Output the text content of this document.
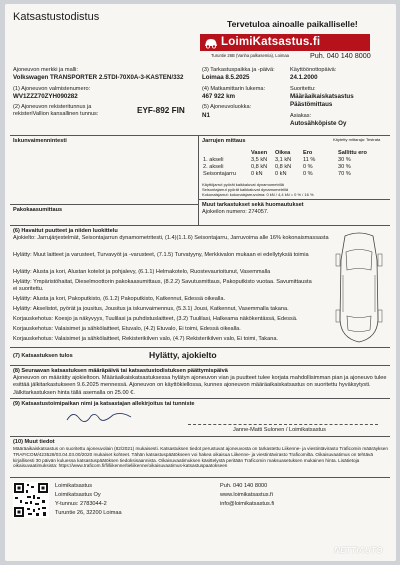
Katsastustodistus
Tervetuloa ainoalle paikalliselle!
LoimiKatsastus.fi
Turuntie 26B (Vanha palkasemia), Loimaa	Puh. 040 140 8000
Ajoneuvon merkki ja malli:
Volkswagen TRANSPORTER 2.5TDI-70X0A-3-KASTEN/332
(1) Ajoneuvon valmistenumero:
WV1ZZZ70ZYH090282
(2) Ajoneuvon rekisteritunnus ja rekisteriVallion kansallinen tunnus:	EYF-892 FIN
(3) Tarkastuspaikka ja -päivä:
Loimaa 8.5.2025
(4) Matkamittarin lukema:
467 922 km
(5) Ajoneuvoluokka:
N1
Käyttöönottopäivä:
24.1.2000
Suoritettu:
Määräaikaiskatsastus
Päästömittaus
Asiakas:
Autosähköpiste Oy
Iskunvaimennintesti	Jarrujen mittaus	Käytetty mittaraja: Testrata
	Vasen	Oikea	Ero	Sallittu ero
1. akseli	3,5 kN	3,1 kN	11 %	30 %
2. akseli	0,8 kN	0,8 kN	0 %	30 %
Seisontajarru	0 kN	0 kN	0 %	70 %
Käyttöjarrut pyörät kaikkaluvat dynamometrillä
Seisontajarrut pyörät kaikkaluvat dynamometrillä
Kokonaisjarrut: kokonaisjarruvoima: 0 kN / 4,4 kN = 0 % / 16 %
Pakokaasumittaus
Muut tarkastukset sekä huomautukset
Ajokeilon numero: 274057.
(6) Havaitut puutteet ja niiden luokittelu
Ajokielto: Jarrujärjestelmät, Seisontajarrun dynamometritesti, (1.4)(1.1.6) Seisontajarru, Jarruvoima alle 16% kokonaismassasta
Hylätty: Muut laitteet ja varusteet, Turvavyöt ja -varusteet, (7.1.5) Turvatyyny, Merkkivalon mukaan ei edellytyksiä toimia
Hylätty: Alusta ja kori, Alustan kotelot ja pohjalevy, (6.1.1) Helmakotelo, Ruostevaurioitunut, Vasemmalla
Hylätty: Ympäristöhaitat, Dieselmoottorin pakokaasumittaus, (8.2.2) Savutusmittaus, Pakoputkisto vuotaa. Savumittausta ei suoritettu.
Hylätty: Alusta ja kori, Pakoputkisto, (6.1.2) Pakoputkisto, Katkennut, Edessä oikealla.
Hylätty: Akselistot, pyörät ja jousitus, Jousitus ja iskunvaimennus, (5.3.1) Jousi, Katkennut, Vasemmalla takana.
Korjauskehotus: Koesjo ja näkyvyys, Tuulilasi ja puhdistuslaitteet, (3.2) Tuulilasi, Halkeama näkökentässä, Edessä.
Korjauskehotus: Valaisimet ja sähkölaitteet, Etuvalo, (4.2) Etuvalo, Ei toimi, Edessä oikealla.
Korjauskehotus: Valaisimet ja sähkölaitteet, Rekisterikilven valo, (4.7) Rekisterikilven valo, Ei toimi, Takana.
(7) Katsastuksen tulos	Hylätty, ajokielto
(8) Seuraavan katsastuksen määräpäivä tai katsastustodistuksen päättymispäivä
Ajoneuvon on määrätty ajokieltoon. Määräaikaiskatsastuksessa hylätyn ajoneuvon vian ja puutteet tulee korjata mahdollisimman pian ja ajoneuvo tulee esittää jälkitarkastukseen 9.6.2025 mennessä. Ajoneuvon on käyttökiellossa, kunnes ajoneuvon määräaikaiskatsastus on suoritettu hyväksytysti. Jälkitarkastuksen hinta tällä asemalla on 25.00 €.
(9) Katsastustoimipaikan nimi ja katsastajan allekirjoitus tai tunniste
Janne-Matti Sulonen / Loimikatsastus
(10) Muut tiedot
Määräaikaiskatsastus on suoritettu ajoneuvolain (82/2021) mukaisesti. Katsastuksen tiedot perustuvat ajoneuvosta on tarkastettu Liikenne- ja viestintävirasto Traficomin määräyksen TRAFICOM/423528/03.04.03.00/2020 mukaiset kohteet. Tähän katsastuspäätökseen voi hakea oikaisua Liikenne- ja viestintävirasto Traficomilta. Oikaisuvaatimus on tehtävä kirjallisesti 30 päivän kuluessa katsastuspäätöksen tiedoksisaannista. Oikaisuvaatimuksen käsittelystä peritään Traficomin maksuasetuksen mukainen hinta. Lisätietoja oikaisuvaatimuksista: https://www.traficom.fi/fi/liikenne/tieliikenne/oikaisuvaatimus-katsastuspaatokseen
Loimikatsastus
Loimikatsastus Oy
Y-tunnus: 2783044-2
Turuntie 26, 32200 Loimaa
Puh. 040 140 8000
www.loimikatsastus.fi
info@loimikatsastus.fi
NETTIAUTO
